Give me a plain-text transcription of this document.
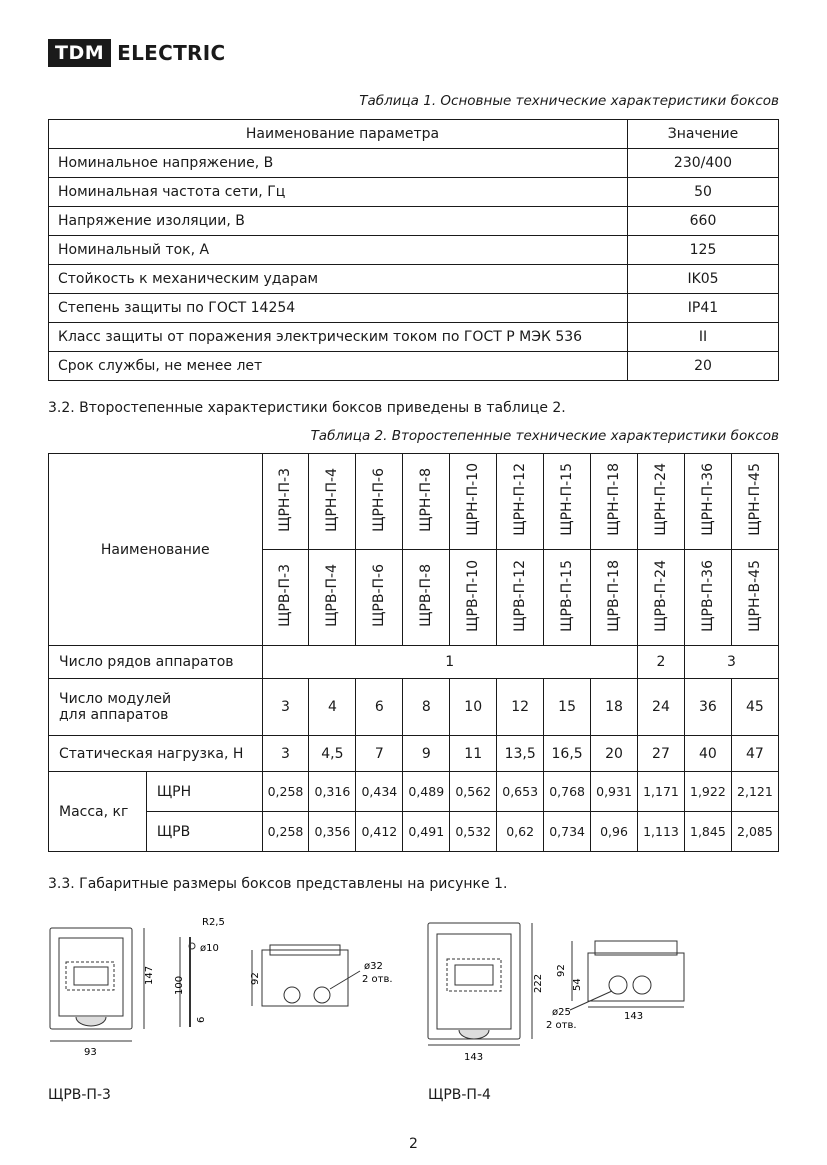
TDM ELECTRIC
Таблица 1. Основные технические характеристики боксов
Наименование параметра	Значение
Номинальное напряжение, В	230/400
Номинальная частота сети, Гц	50
Напряжение изоляции, В	660
Номинальный ток, А	125
Стойкость к механическим ударам	IK05
Степень защиты по ГОСТ 14254	IP41
Класс защиты от поражения электрическим током по ГОСТ Р МЭК 536	II
Срок службы, не менее лет	20
3.2. Второстепенные характеристики боксов приведены в таблице 2.
Таблица 2. Второстепенные технические характеристики боксов
Наименование		ЩРН-П-3	ЩРН-П-4	ЩРН-П-6	ЩРН-П-8	ЩРН-П-10	ЩРН-П-12	ЩРН-П-15	ЩРН-П-18	ЩРН-П-24	ЩРН-П-36	ЩРН-П-45
		ЩРВ-П-3	ЩРВ-П-4	ЩРВ-П-6	ЩРВ-П-8	ЩРВ-П-10	ЩРВ-П-12	ЩРВ-П-15	ЩРВ-П-18	ЩРВ-П-24	ЩРВ-П-36	ЩРН-В-45
Число рядов аппаратов		1								2	3	

Число модулей
для аппаратов		3	4	6	8	10	12	15	18	24	36	45
Статическая нагрузка, Н		3	4,5	7	9	11	13,5	16,5	20	27	40	47
Масса, кг	ЩРН	0,258	0,316	0,434	0,489	0,562	0,653	0,768	0,931	1,171	1,922	2,121
	ЩРВ	0,258	0,356	0,412	0,491	0,532	0,62	0,734	0,96	1,113	1,845	2,085
3.3. Габаритные размеры боксов представлены на рисунке 1.
93
147
R2,5
ø10
100
6
92
ø32
2 отв.
143
222
92
54
143
ø25
2 отв.
ЩРВ-П-3	ЩРВ-П-4
2
